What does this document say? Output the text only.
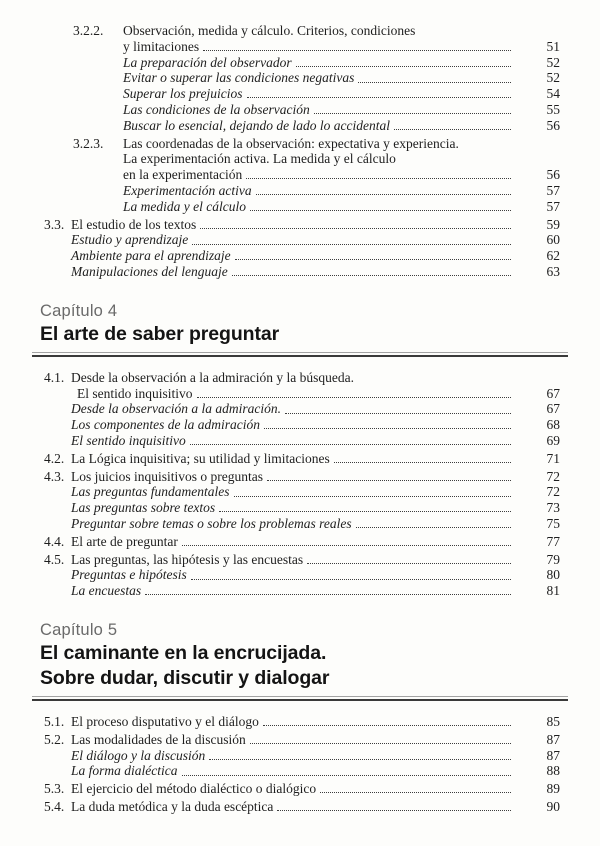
3.2.2.	Observación, medida y cálculo. Criterios, condiciones
y limitaciones	51
La preparación del observador	52
Evitar o superar las condiciones negativas	52
Superar los prejuicios	54
Las condiciones de la observación	55
Buscar lo esencial, dejando de lado lo accidental	56
3.2.3.	Las coordenadas de la observación: expectativa y experiencia.
La experimentación activa. La medida y el cálculo
en la experimentación	56
Experimentación activa	57
La medida y el cálculo	57
3.3. El estudio de los textos	59
Estudio y aprendizaje	60
Ambiente para el aprendizaje	62
Manipulaciones del lenguaje	63
Capítulo 4
El arte de saber preguntar
4.1. Desde la observación a la admiración y la búsqueda.
El sentido inquisitivo	67
Desde la observación a la admiración.	67
Los componentes de la admiración	68
El sentido inquisitivo	69
4.2. La Lógica inquisitiva; su utilidad y limitaciones	71
4.3. Los juicios inquisitivos o preguntas	72
Las preguntas fundamentales	72
Las preguntas sobre textos	73
Preguntar sobre temas o sobre los problemas reales	75
4.4. El arte de preguntar	77
4.5. Las preguntas, las hipótesis y las encuestas	79
Preguntas e hipótesis	80
La encuestas	81
Capítulo 5
El caminante en la encrucijada.
Sobre dudar, discutir y dialogar
5.1. El proceso disputativo y el diálogo	85
5.2. Las modalidades de la discusión	87
El diálogo y la discusión	87
La forma dialéctica	88
5.3. El ejercicio del método dialéctico o dialógico	89
5.4. La duda metódica y la duda escéptica	90
